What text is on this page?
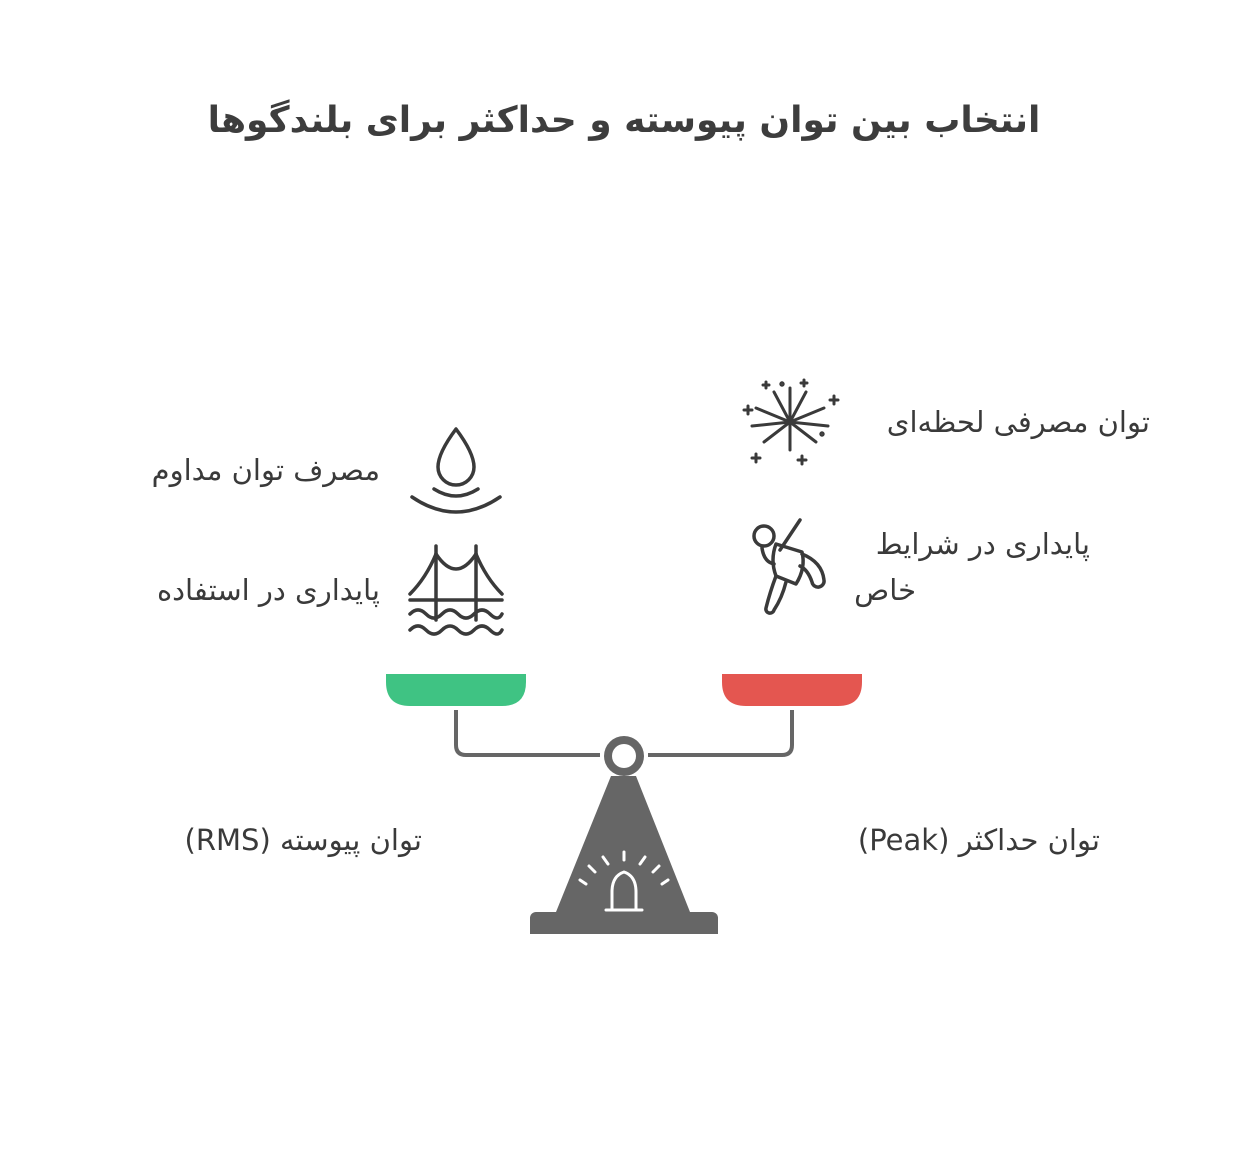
انتخاب بین توان پیوسته و حداکثر برای بلندگوها
مصرف توان مداوم
پایداری در استفاده
توان مصرفی لحظه‌ای
پایداری در شرایط
خاص
توان پیوسته (RMS)	توان حداکثر (Peak)
